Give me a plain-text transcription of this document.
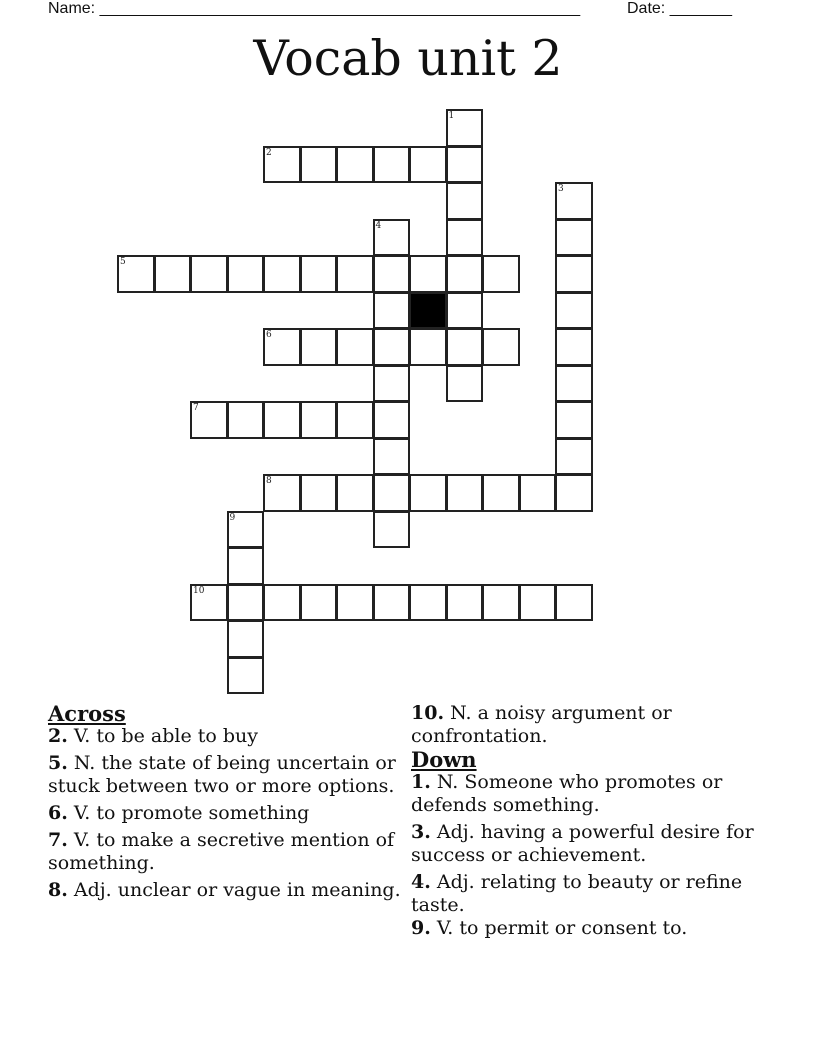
Name: ______________________________________________________	Date: _______
Vocab unit 2
1
2
3
4
5
6
7
8
9
10
Across

2. V. to be able to buy

5. N. the state of being uncertain or stuck between two or more options.

6. V. to promote something

7. V. to make a secretive mention of something.

8. Adj. unclear or vague in meaning.

10. N. a noisy argument or confrontation.

Down

1. N. Someone who promotes or defends something.

3. Adj. having a powerful desire for success or achievement.

4. Adj. relating to beauty or refine taste.

9. V. to permit or consent to.
